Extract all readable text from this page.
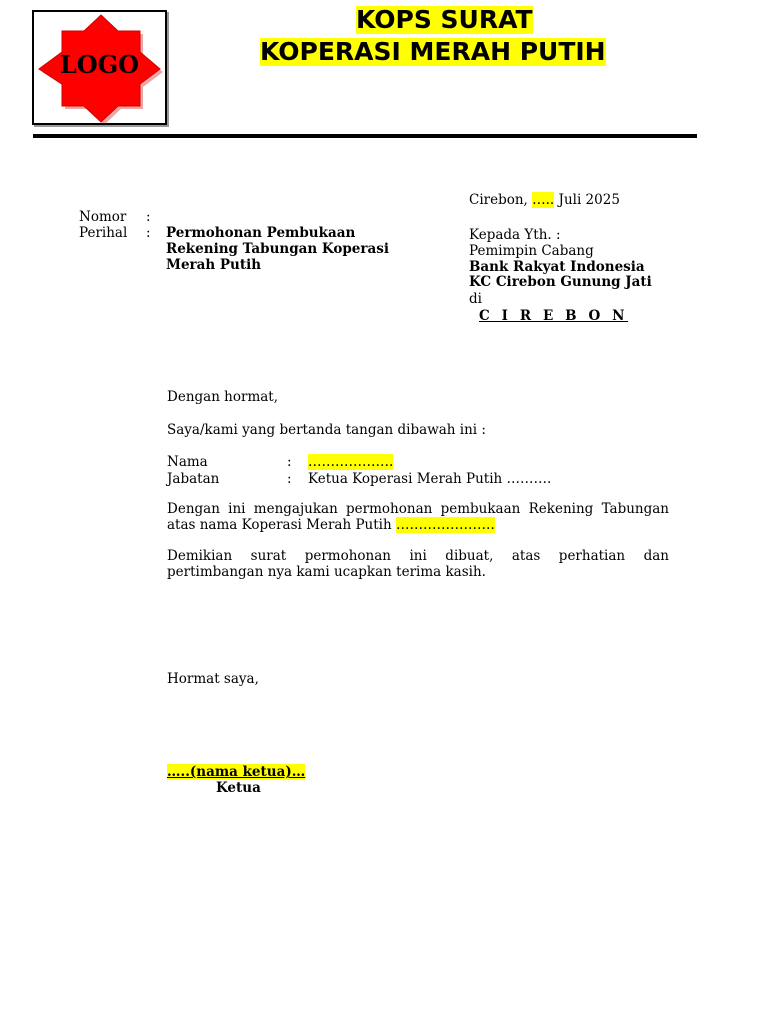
LOGO
KOPS SURAT
KOPERASI MERAH PUTIH
Cirebon, ….. Juli 2025
Nomor :
Perihal : Permohonan Pembukaan
Rekening Tabungan Koperasi
Merah Putih
Kepada Yth. :
Pemimpin Cabang
Bank Rakyat Indonesia
KC Cirebon Gunung Jati
di
C I R E B O N
Dengan hormat,
Saya/kami yang bertanda tangan dibawah ini :
Nama	: ……………….
Jabatan	: Ketua Koperasi Merah Putih ……….
Dengan ini mengajukan permohonan pembukaan Rekening Tabungan atas nama Koperasi Merah Putih ………………….
Demikian surat permohonan ini dibuat, atas perhatian dan pertimbangan nya kami ucapkan terima kasih.
Hormat saya,
…..(nama ketua)…
Ketua
